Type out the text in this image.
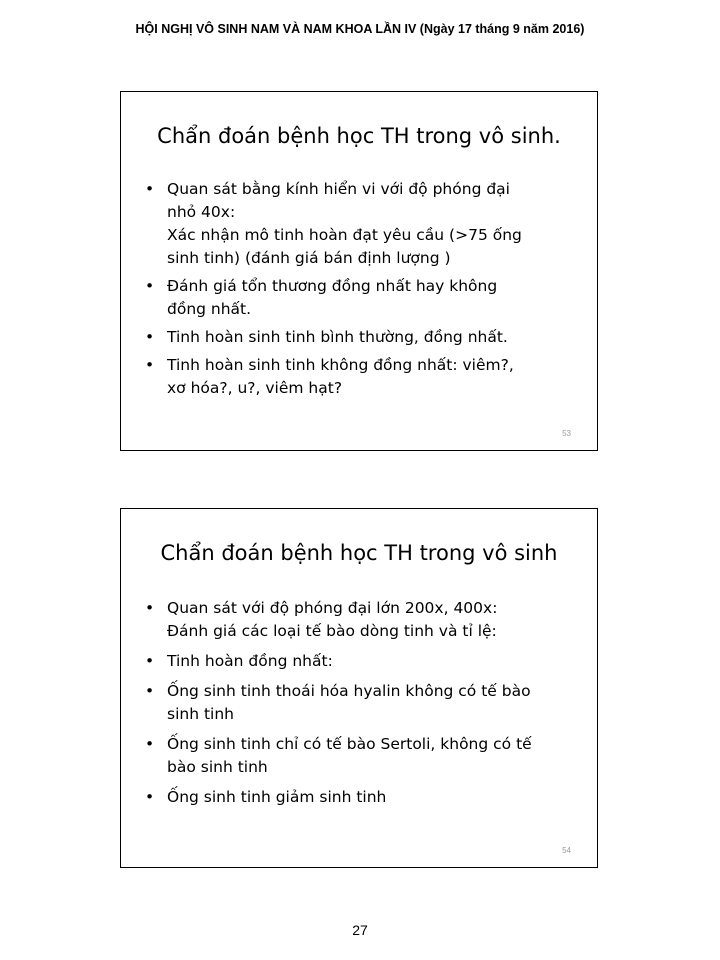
HỘI NGHỊ VÔ SINH NAM VÀ NAM KHOA LẦN IV (Ngày 17 tháng 9 năm 2016)
Chẩn đoán bệnh học TH trong vô sinh.
• Quan sát bằng kính hiển vi với độ phóng đại
nhỏ 40x:
Xác nhận mô tinh hoàn đạt yêu cầu (>75 ống
sinh tinh) (đánh giá bán định lượng )
• Đánh giá tổn thương đồng nhất hay không
đồng nhất.
• Tinh hoàn sinh tinh bình thường, đồng nhất.
• Tinh hoàn sinh tinh không đồng nhất: viêm?,
xơ hóa?, u?, viêm hạt?
53
Chẩn đoán bệnh học TH trong vô sinh
• Quan sát với độ phóng đại lớn 200x, 400x:
Đánh giá các loại tế bào dòng tinh và tỉ lệ:
• Tinh hoàn đồng nhất:
• Ống sinh tinh thoái hóa hyalin không có tế bào
sinh tinh
• Ống sinh tinh chỉ có tế bào Sertoli, không có tế
bào sinh tinh
• Ống sinh tinh giảm sinh tinh
54
27
